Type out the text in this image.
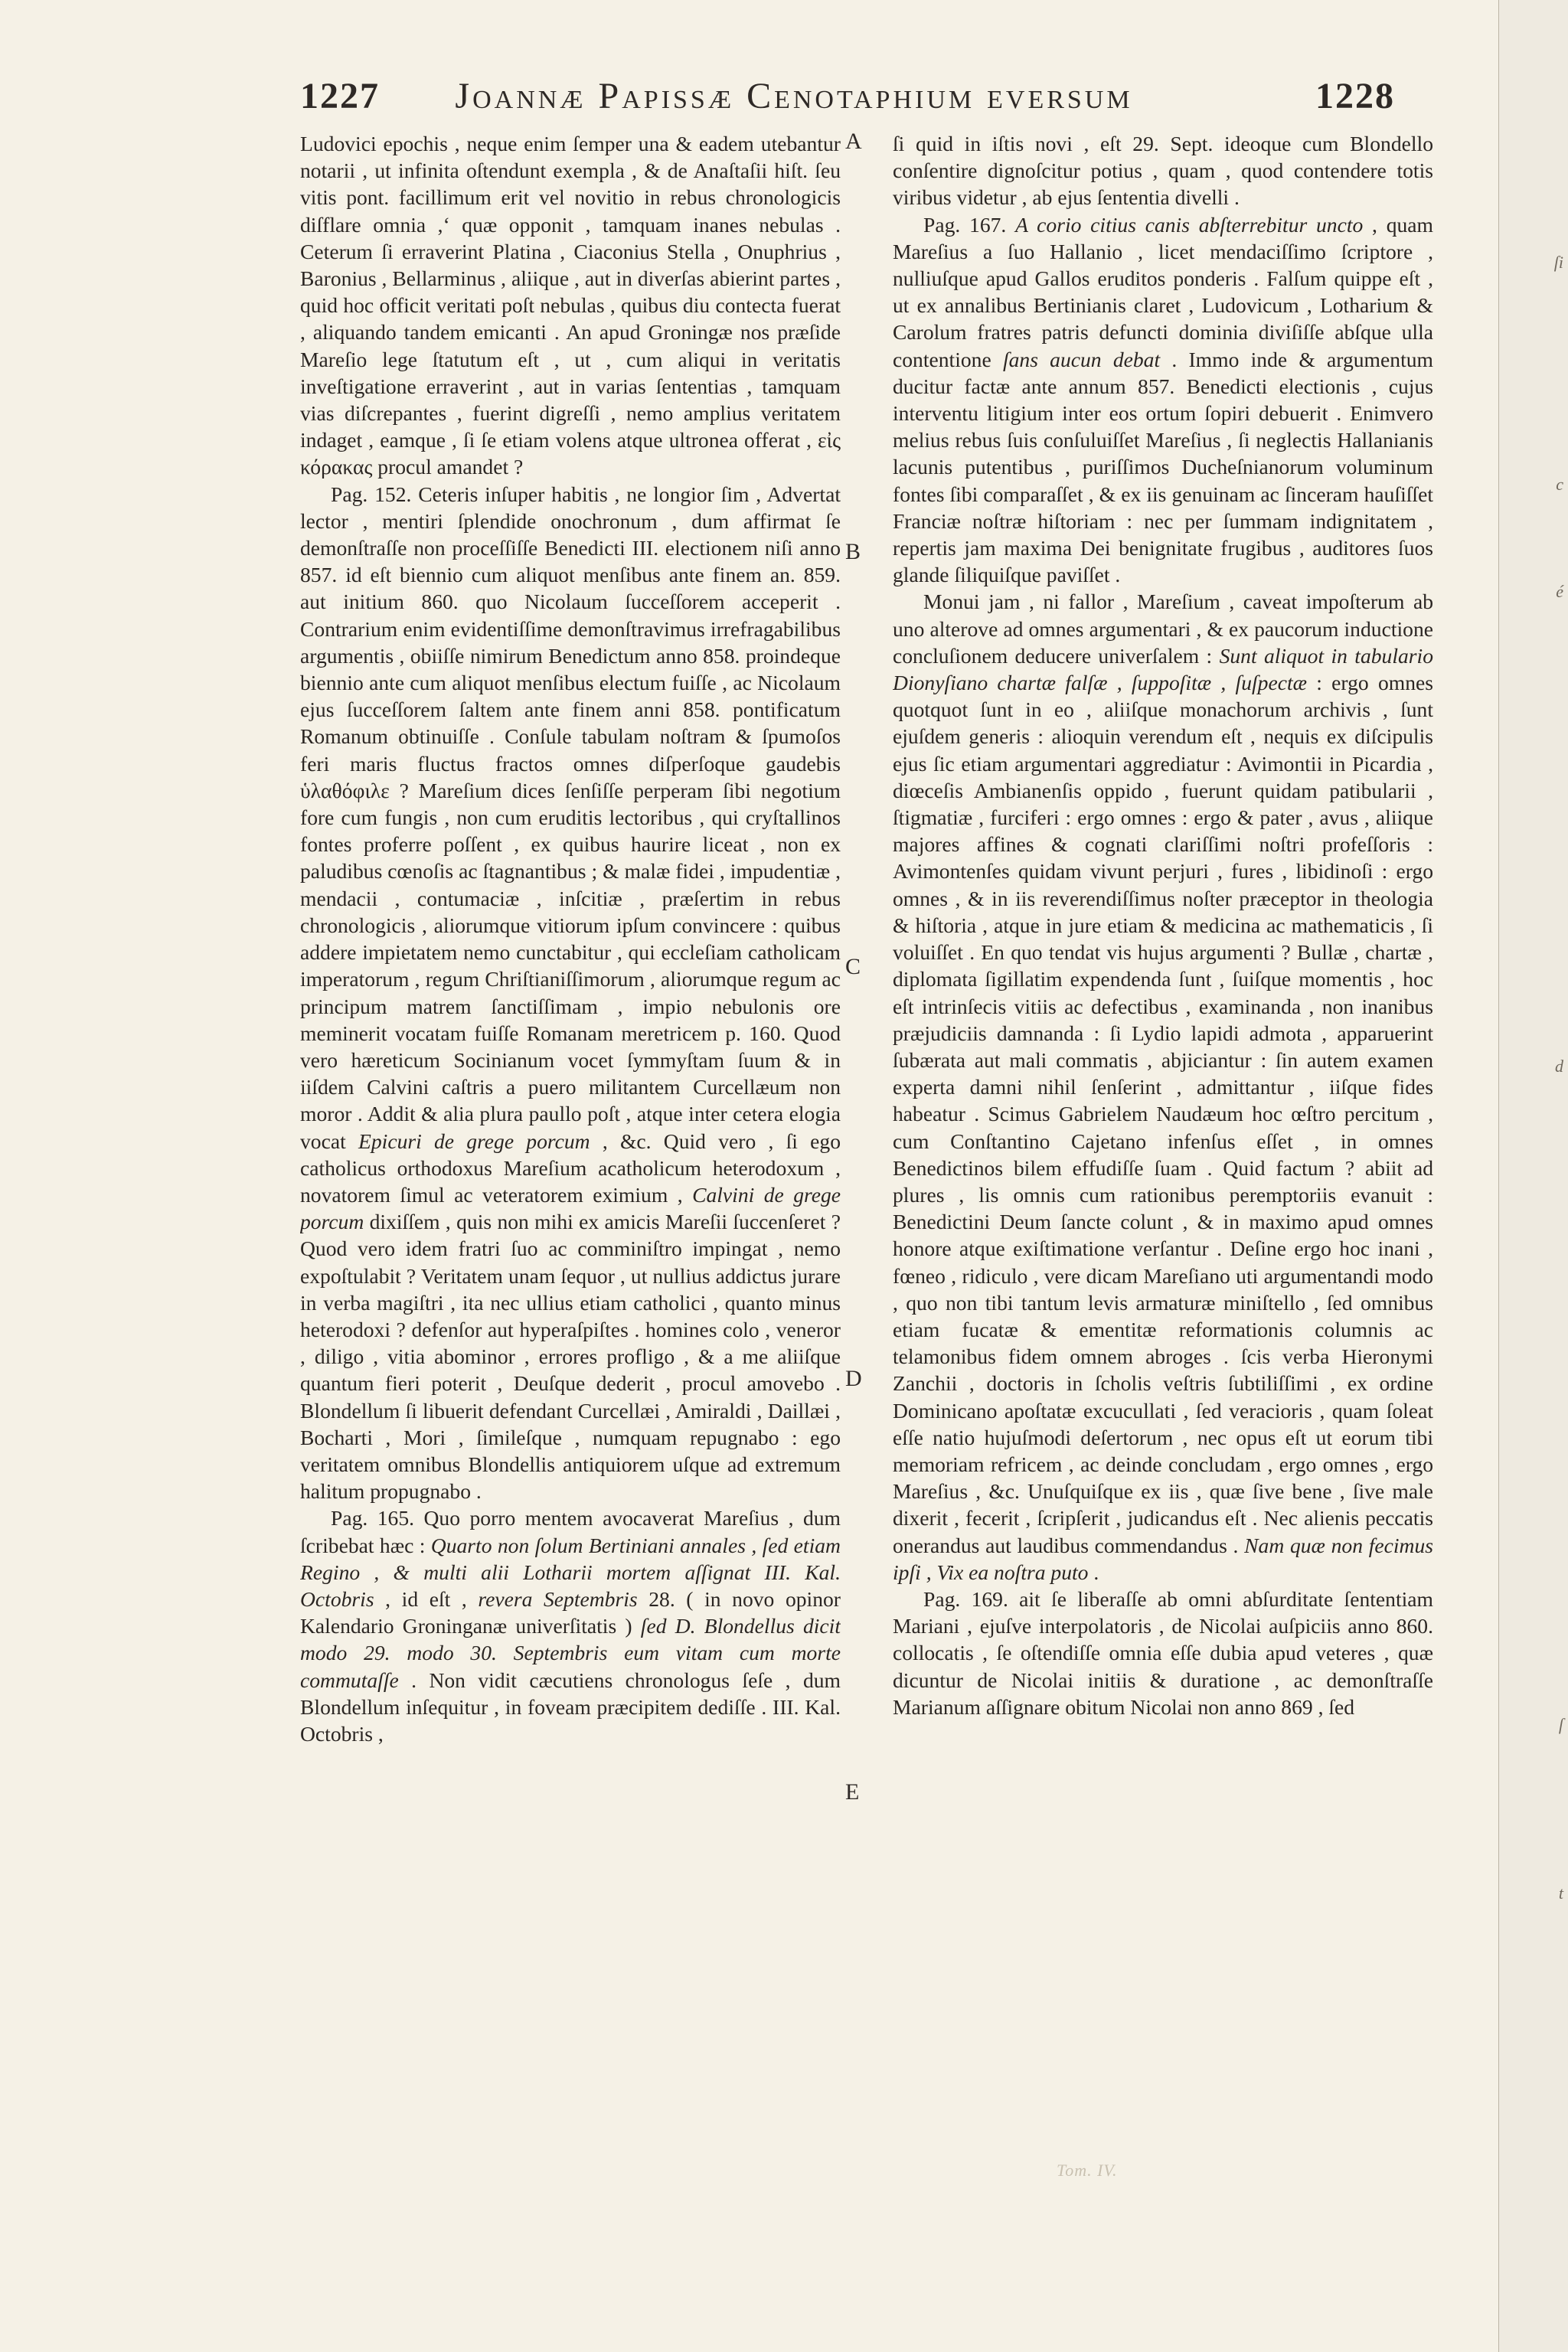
ſi
c
é
d
ſ
t
1227	Joannæ Papissæ Cenotaphium eversum	1228

Ludovici epochis , neque enim ſemper una & eadem utebantur notarii , ut infinita oſtendunt exempla , & de Anaſtaſii hiſt. ſeu vitis pont. facillimum erit vel novitio in rebus chronologicis diſflare omnia ,‘ quæ opponit , tamquam inanes nebulas . Ceterum ſi erraverint Platina , Ciaconius Stella , Onuphrius , Baronius , Bellarminus , aliique , aut in diverſas abierint partes , quid hoc officit veritati poſt nebulas , quibus diu contecta fuerat , aliquando tandem emicanti . An apud Groningæ nos præſide Mareſio lege ſtatutum eſt , ut , cum aliqui in veritatis inveſtigatione erraverint , aut in varias ſententias , tamquam vias diſcrepantes , fuerint digreſſi , nemo amplius veritatem indaget , eamque , ſi ſe etiam volens atque ultronea offerat , εἰς κόρακας procul amandet ?

Pag. 152. Ceteris inſuper habitis , ne longior ſim , Advertat lector , mentiri ſplendide onochronum , dum affirmat ſe demonſtraſſe non proceſſiſſe Benedicti III. electionem niſi anno 857. id eſt biennio cum aliquot menſibus ante finem an. 859. aut initium 860. quo Nicolaum ſucceſſorem acceperit . Contrarium enim evidentiſſime demonſtravimus irrefragabilibus argumentis , obiiſſe nimirum Benedictum anno 858. proindeque biennio ante cum aliquot menſibus electum fuiſſe , ac Nicolaum ejus ſucceſſorem ſaltem ante finem anni 858. pontificatum Romanum obtinuiſſe . Conſule tabulam noſtram & ſpumoſos feri maris fluctus fractos omnes diſperſoque gaudebis ὑλαθόφιλε ? Mareſium dices ſenſiſſe perperam ſibi negotium fore cum fungis , non cum eruditis lectoribus , qui cryſtallinos fontes proferre poſſent , ex quibus haurire liceat , non ex paludibus cœnoſis ac ſtagnantibus ; & malæ fidei , impudentiæ , mendacii , contumaciæ , inſcitiæ , præſertim in rebus chronologicis , aliorumque vitiorum ipſum convincere : quibus addere impietatem nemo cunctabitur , qui eccleſiam catholicam imperatorum , regum Chriſtianiſſimorum , aliorumque regum ac principum matrem ſanctiſſimam , impio nebulonis ore meminerit vocatam fuiſſe Romanam meretricem p. 160. Quod vero hæreticum Socinianum vocet ſymmyſtam ſuum & in iiſdem Calvini caſtris a puero militantem Curcellæum non moror . Addit & alia plura paullo poſt , atque inter cetera elogia vocat Epicuri de grege porcum , &c. Quid vero , ſi ego catholicus orthodoxus Mareſium acatholicum heterodoxum , novatorem ſimul ac veteratorem eximium , Calvini de grege porcum dixiſſem , quis non mihi ex amicis Mareſii ſuccenſeret ? Quod vero idem fratri ſuo ac comminiſtro impingat , nemo expoſtulabit ? Veritatem unam ſequor , ut nullius addictus jurare in verba magiſtri , ita nec ullius etiam catholici , quanto minus heterodoxi ? defenſor aut hyperaſpiſtes . homines colo , veneror , diligo , vitia abominor , errores profligo , & a me aliiſque quantum fieri poterit , Deuſque dederit , procul amovebo . Blondellum ſi libuerit defendant Curcellæi , Amiraldi , Daillæi , Bocharti , Mori , ſimileſque , numquam repugnabo : ego veritatem omnibus Blondellis antiquiorem uſque ad extremum halitum propugnabo .

Pag. 165. Quo porro mentem avocaverat Mareſius , dum ſcribebat hæc : Quarto non ſolum Bertiniani annales , ſed etiam Regino , & multi alii Lotharii mortem aſſignat III. Kal. Octobris , id eſt , revera Septembris 28. ( in novo opinor Kalendario Groninganæ univerſitatis ) ſed D. Blondellus dicit modo 29. modo 30. Septembris eum vitam cum morte commutaſſe . Non vidit cæcutiens chronologus ſeſe , dum Blondellum inſequitur , in foveam præcipitem dediſſe . III. Kal. Octobris ,

ſi quid in iſtis novi , eſt 29. Sept. ideoque cum Blondello conſentire dignoſcitur potius , quam , quod contendere totis viribus videtur , ab ejus ſententia divelli .

Pag. 167. A corio citius canis abſterrebitur uncto , quam Mareſius a ſuo Hallanio , licet mendaciſſimo ſcriptore , nulliuſque apud Gallos eruditos ponderis . Falſum quippe eſt , ut ex annalibus Bertinianis claret , Ludovicum , Lotharium & Carolum fratres patris defuncti dominia diviſiſſe abſque ulla contentione ſans aucun debat . Immo inde & argumentum ducitur factæ ante annum 857. Benedicti electionis , cujus interventu litigium inter eos ortum ſopiri debuerit . Enimvero melius rebus ſuis conſuluiſſet Mareſius , ſi neglectis Hallanianis lacunis putentibus , puriſſimos Ducheſnianorum voluminum fontes ſibi comparaſſet , & ex iis genuinam ac ſinceram hauſiſſet Franciæ noſtræ hiſtoriam : nec per ſummam indignitatem , repertis jam maxima Dei benignitate frugibus , auditores ſuos glande ſiliquiſque paviſſet .

Monui jam , ni fallor , Mareſium , caveat impoſterum ab uno alterove ad omnes argumentari , & ex paucorum inductione concluſionem deducere univerſalem : Sunt aliquot in tabulario Dionyſiano chartæ falſæ , ſuppoſitæ , ſuſpectæ : ergo omnes quotquot ſunt in eo , aliiſque monachorum archivis , ſunt ejuſdem generis : alioquin verendum eſt , nequis ex diſcipulis ejus ſic etiam argumentari aggrediatur : Avimontii in Picardia , diœceſis Ambianenſis oppido , fuerunt quidam patibularii , ſtigmatiæ , furciferi : ergo omnes : ergo & pater , avus , aliique majores affines & cognati clariſſimi noſtri profeſſoris : Avimontenſes quidam vivunt perjuri , fures , libidinoſi : ergo omnes , & in iis reverendiſſimus noſter præceptor in theologia & hiſtoria , atque in jure etiam & medicina ac mathematicis , ſi voluiſſet . En quo tendat vis hujus argumenti ? Bullæ , chartæ , diplomata ſigillatim expendenda ſunt , ſuiſque momentis , hoc eſt intrinſecis vitiis ac defectibus , examinanda , non inanibus præjudiciis damnanda : ſi Lydio lapidi admota , apparuerint ſubærata aut mali commatis , abjiciantur : ſin autem examen experta damni nihil ſenſerint , admittantur , iiſque fides habeatur . Scimus Gabrielem Naudæum hoc œſtro percitum , cum Conſtantino Cajetano infenſus eſſet , in omnes Benedictinos bilem effudiſſe ſuam . Quid factum ? abiit ad plures , lis omnis cum rationibus peremptoriis evanuit : Benedictini Deum ſancte colunt , & in maximo apud omnes honore atque exiſtimatione verſantur . Deſine ergo hoc inani , fœneo , ridiculo , vere dicam Mareſiano uti argumentandi modo , quo non tibi tantum levis armaturæ miniſtello , ſed omnibus etiam fucatæ & ementitæ reformationis columnis ac telamonibus fidem omnem abroges . ſcis verba Hieronymi Zanchii , doctoris in ſcholis veſtris ſubtiliſſimi , ex ordine Dominicano apoſtatæ excucullati , ſed veracioris , quam ſoleat eſſe natio hujuſmodi deſertorum , nec opus eſt ut eorum tibi memoriam refricem , ac deinde concludam , ergo omnes , ergo Mareſius , &c. Unuſquiſque ex iis , quæ ſive bene , ſive male dixerit , fecerit , ſcripſerit , judicandus eſt . Nec alienis peccatis onerandus aut laudibus commendandus . Nam quæ non fecimus ipſi , Vix ea noſtra puto .

Pag. 169. ait ſe liberaſſe ab omni abſurditate ſententiam Mariani , ejuſve interpolatoris , de Nicolai auſpiciis anno 860. collocatis , ſe oſtendiſſe omnia eſſe dubia apud veteres , quæ dicuntur de Nicolai initiis & duratione , ac demonſtraſſe Marianum aſſignare obitum Nicolai non anno 869 , ſed

A
B
C
D
E
Tom. IV.
